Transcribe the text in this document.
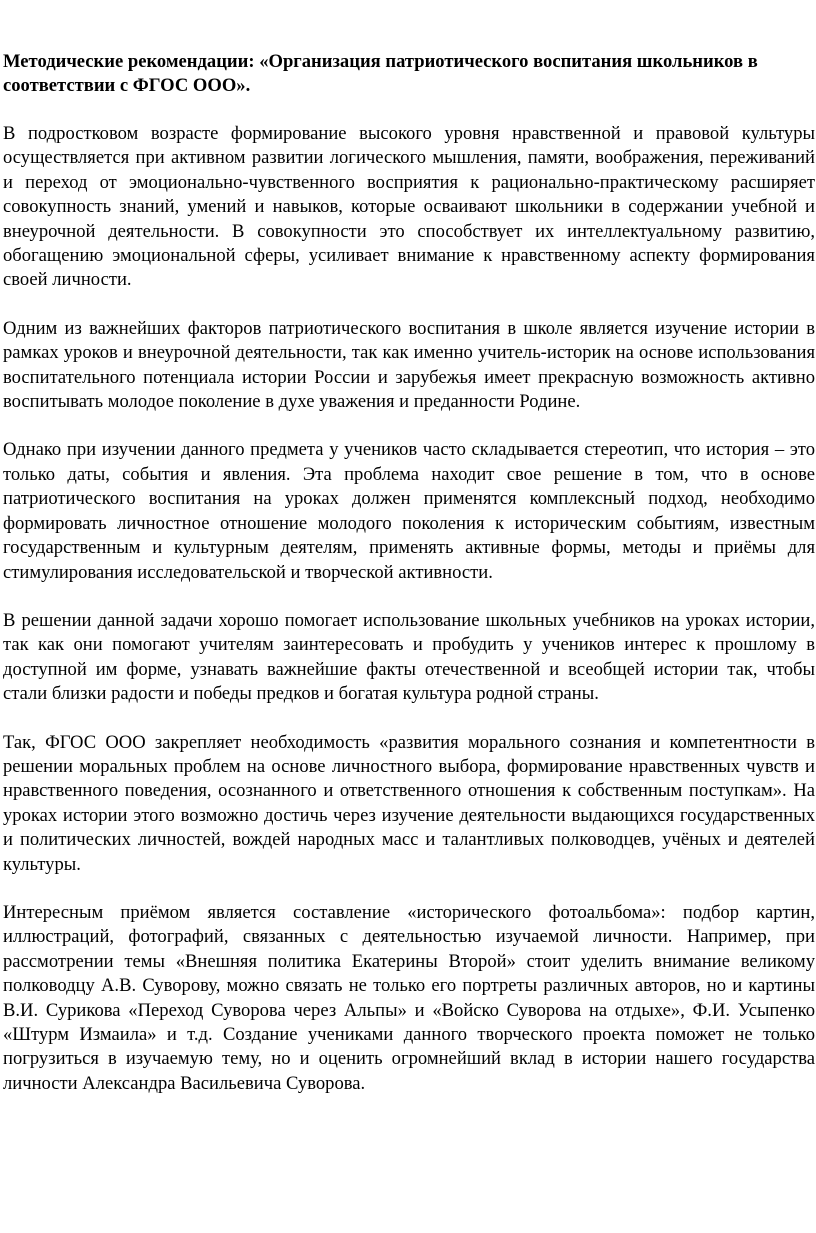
Методические рекомендации: «Организация патриотического воспитания школьников в соответствии с ФГОС ООО».
В подростковом возрасте формирование высокого уровня нравственной и правовой культуры осуществляется при активном развитии логического мышления, памяти, воображения, переживаний и переход от эмоционально-чувственного восприятия к рационально-практическому расширяет совокупность знаний, умений и навыков, которые осваивают школьники в содержании учебной и внеурочной деятельности. В совокупности это способствует их интеллектуальному развитию, обогащению эмоциональной сферы, усиливает внимание к нравственному аспекту формирования своей личности.
Одним из важнейших факторов патриотического воспитания в школе является изучение истории в рамках уроков и внеурочной деятельности, так как именно учитель-историк на основе использования воспитательного потенциала истории России и зарубежья имеет прекрасную возможность активно воспитывать молодое поколение в духе уважения и преданности Родине.
Однако при изучении данного предмета у учеников часто складывается стереотип, что история – это только даты, события и явления. Эта проблема находит свое решение в том, что в основе патриотического воспитания на уроках должен применятся комплексный подход, необходимо формировать личностное отношение молодого поколения к историческим событиям, известным государственным и культурным деятелям, применять активные формы, методы и приёмы для стимулирования исследовательской и творческой активности.
В решении данной задачи хорошо помогает использование школьных учебников на уроках истории, так как они помогают учителям заинтересовать и пробудить у учеников интерес к прошлому в доступной им форме, узнавать важнейшие факты отечественной и всеобщей истории так, чтобы стали близки радости и победы предков и богатая культура родной страны.
Так, ФГОС ООО закрепляет необходимость «развития морального сознания и компетентности в решении моральных проблем на основе личностного выбора, формирование нравственных чувств и нравственного поведения, осознанного и ответственного отношения к собственным поступкам». На уроках истории этого возможно достичь через изучение деятельности выдающихся государственных и политических личностей, вождей народных масс и талантливых полководцев, учёных и деятелей культуры.
Интересным приёмом является составление «исторического фотоальбома»: подбор картин, иллюстраций, фотографий, связанных с деятельностью изучаемой личности. Например, при рассмотрении темы «Внешняя политика Екатерины Второй» стоит уделить внимание великому полководцу А.В. Суворову, можно связать не только его портреты различных авторов, но и картины В.И. Сурикова «Переход Суворова через Альпы» и «Войско Суворова на отдыхе», Ф.И. Усыпенко «Штурм Измаила» и т.д. Создание учениками данного творческого проекта поможет не только погрузиться в изучаемую тему, но и оценить огромнейший вклад в истории нашего государства личности Александра Васильевича Суворова.
